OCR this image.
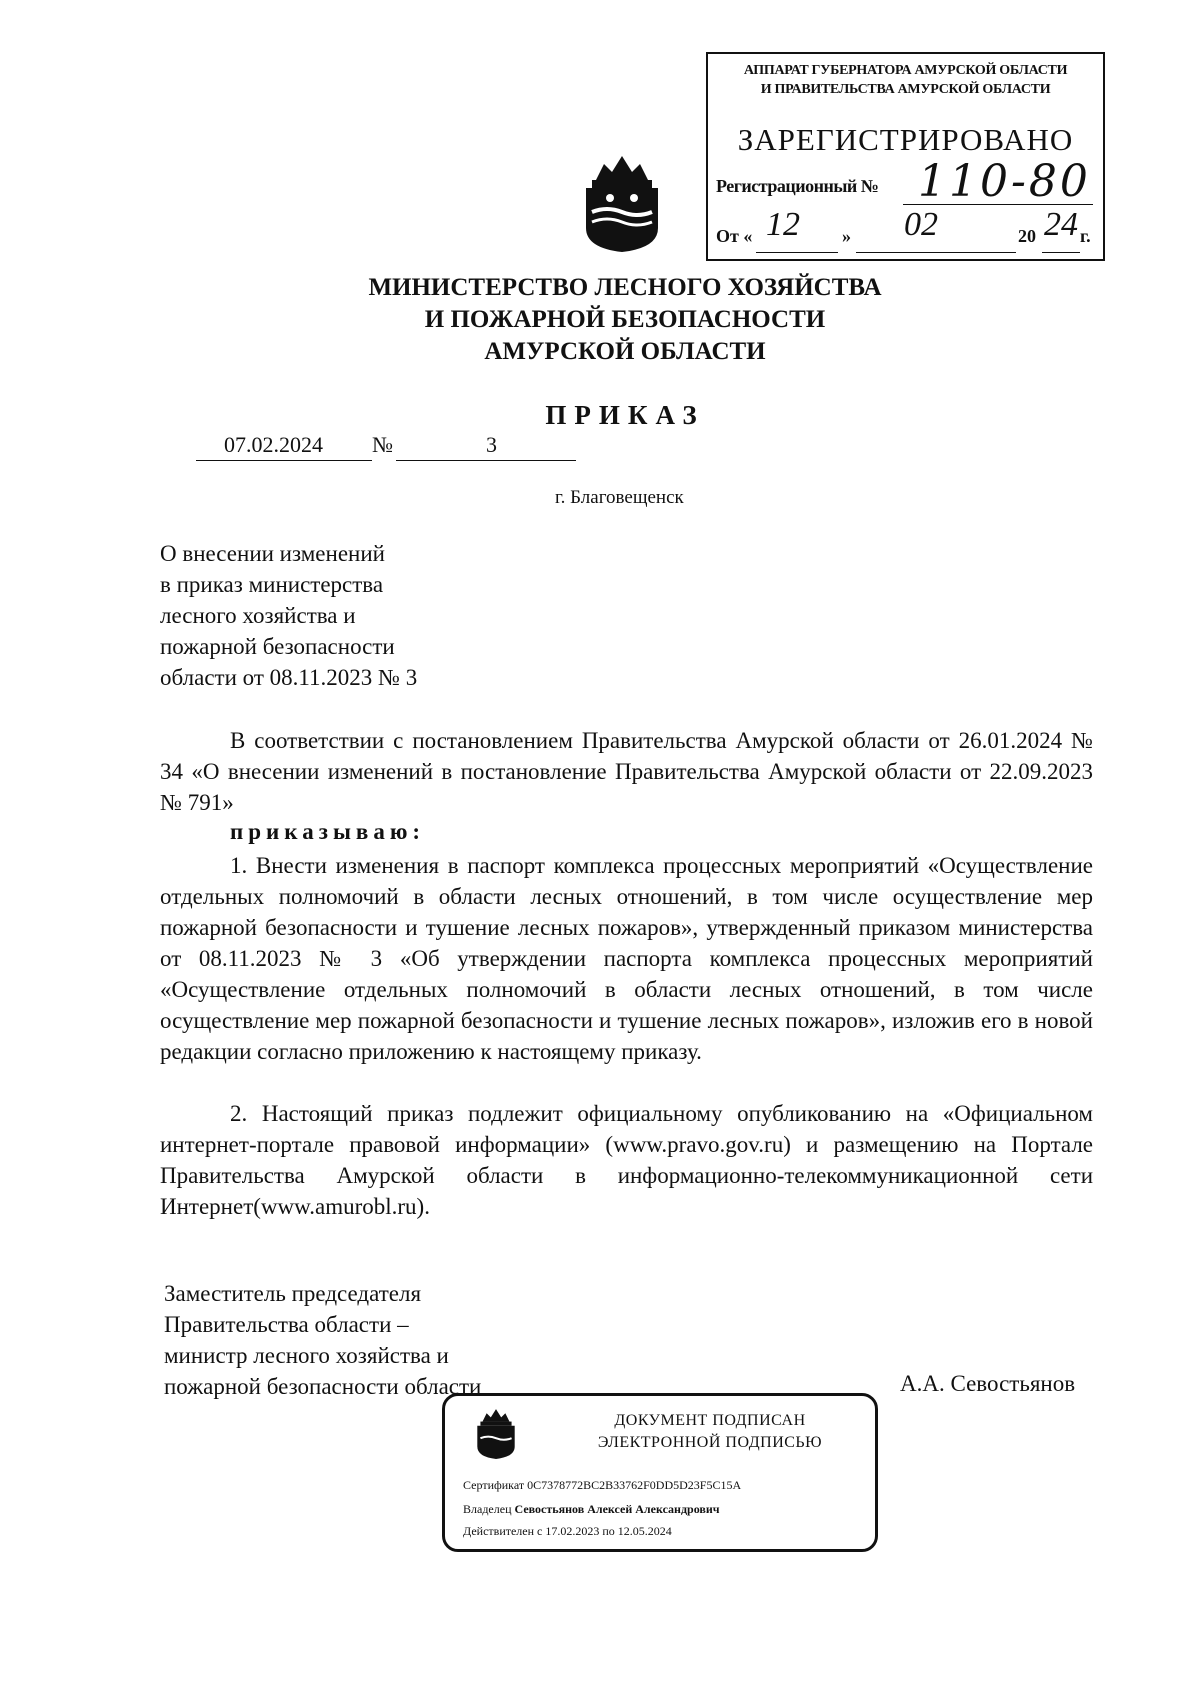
АППАРАТ ГУБЕРНАТОРА АМУРСКОЙ ОБЛАСТИ
И ПРАВИТЕЛЬСТВА АМУРСКОЙ ОБЛАСТИ
ЗАРЕГИСТРИРОВАНО
Регистрационный № 110-80
От « 12 » 02	20 24 г.
МИНИСТЕРСТВО ЛЕСНОГО ХОЗЯЙСТВА
И ПОЖАРНОЙ БЕЗОПАСНОСТИ
АМУРСКОЙ ОБЛАСТИ
ПРИКАЗ
07.02.2024 №	3
г. Благовещенск
О внесении изменений
в приказ министерства
лесного хозяйства и
пожарной безопасности
области от 08.11.2023 № 3
В соответствии с постановлением Правительства Амурской области от 26.01.2024 № 34 «О внесении изменений в постановление Правительства Амурской области от 22.09.2023 № 791»
приказываю:
1. Внести изменения в паспорт комплекса процессных мероприятий «Осуществление отдельных полномочий в области лесных отношений, в том числе осуществление мер пожарной безопасности и тушение лесных пожаров», утвержденный приказом министерства от 08.11.2023 № 3 «Об утверждении паспорта комплекса процессных мероприятий «Осуществление отдельных полномочий в области лесных отношений, в том числе осуществление мер пожарной безопасности и тушение лесных пожаров», изложив его в новой редакции согласно приложению к настоящему приказу.
2. Настоящий приказ подлежит официальному опубликованию на «Официальном интернет-портале правовой информации» (www.pravo.gov.ru) и размещению на Портале Правительства Амурской области в информационно-телекоммуникационной сети Интернет(www.amurobl.ru).
Заместитель председателя
Правительства области –
министр лесного хозяйства и
пожарной безопасности области	А.А. Севостьянов
ДОКУМЕНТ ПОДПИСАН
ЭЛЕКТРОННОЙ ПОДПИСЬЮ
Сертификат 0C7378772BC2B33762F0DD5D23F5C15A
Владелец Севостьянов Алексей Александрович
Действителен с 17.02.2023 по 12.05.2024
